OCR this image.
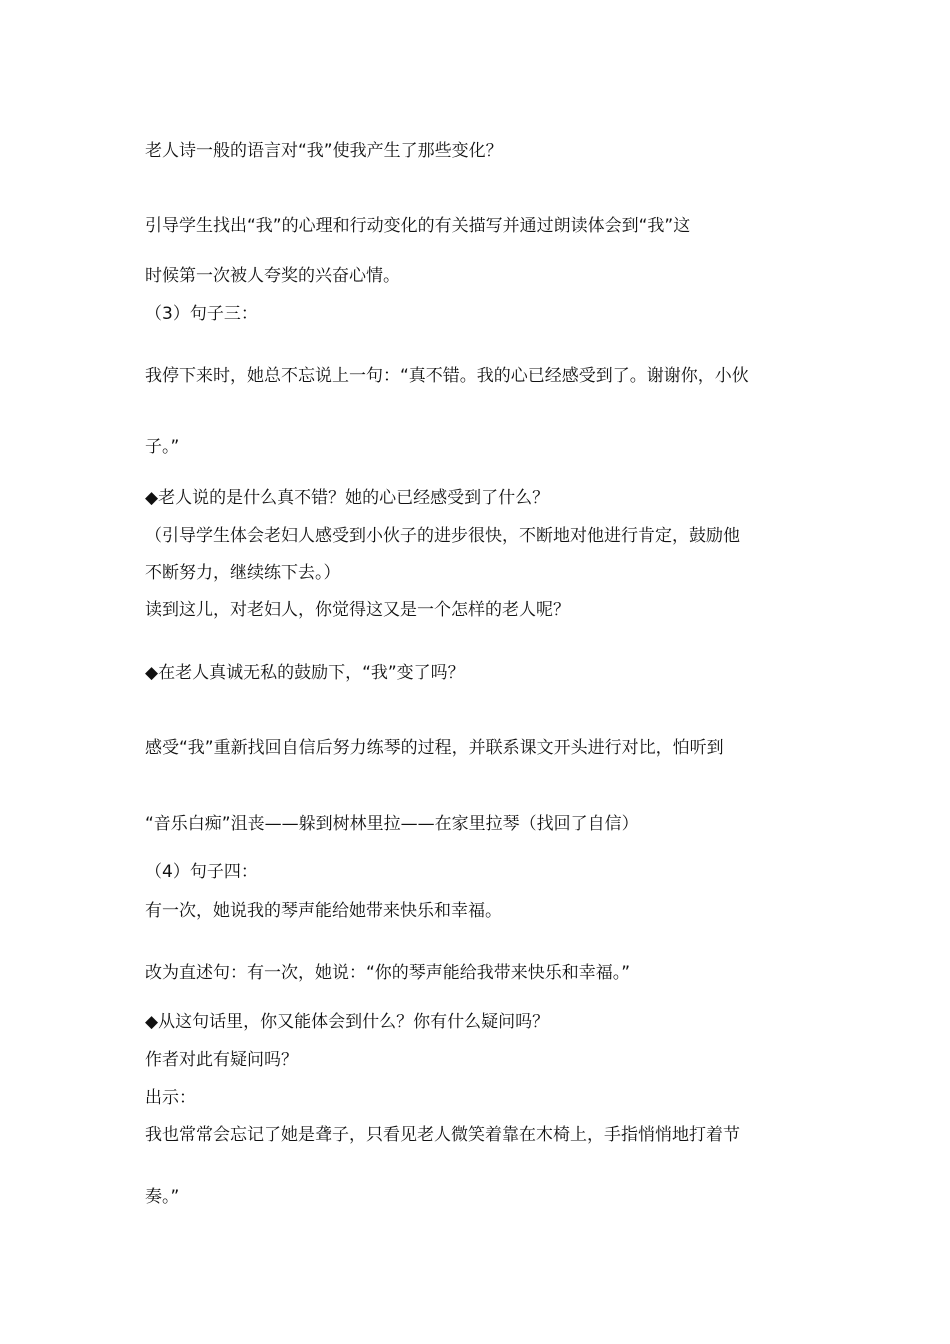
老人诗一般的语言对“我”使我产生了那些变化？
引导学生找出“我”的心理和行动变化的有关描写并通过朗读体会到“我”这
时候第一次被人夸奖的兴奋心情。
（3）句子三：
我停下来时，她总不忘说上一句：“真不错。我的心已经感受到了。谢谢你，小伙
子。”
◆老人说的是什么真不错？她的心已经感受到了什么？
（引导学生体会老妇人感受到小伙子的进步很快，不断地对他进行肯定，鼓励他
不断努力，继续练下去。）
读到这儿，对老妇人，你觉得这又是一个怎样的老人呢？
◆在老人真诚无私的鼓励下，“我”变了吗？
感受“我”重新找回自信后努力练琴的过程，并联系课文开头进行对比，怕听到
“音乐白痴”沮丧——躲到树林里拉——在家里拉琴（找回了自信）
（4）句子四：
有一次，她说我的琴声能给她带来快乐和幸福。
改为直述句：有一次，她说：“你的琴声能给我带来快乐和幸福。”
◆从这句话里，你又能体会到什么？你有什么疑问吗？
作者对此有疑问吗？
出示：
我也常常会忘记了她是聋子，只看见老人微笑着靠在木椅上，手指悄悄地打着节
奏。”
